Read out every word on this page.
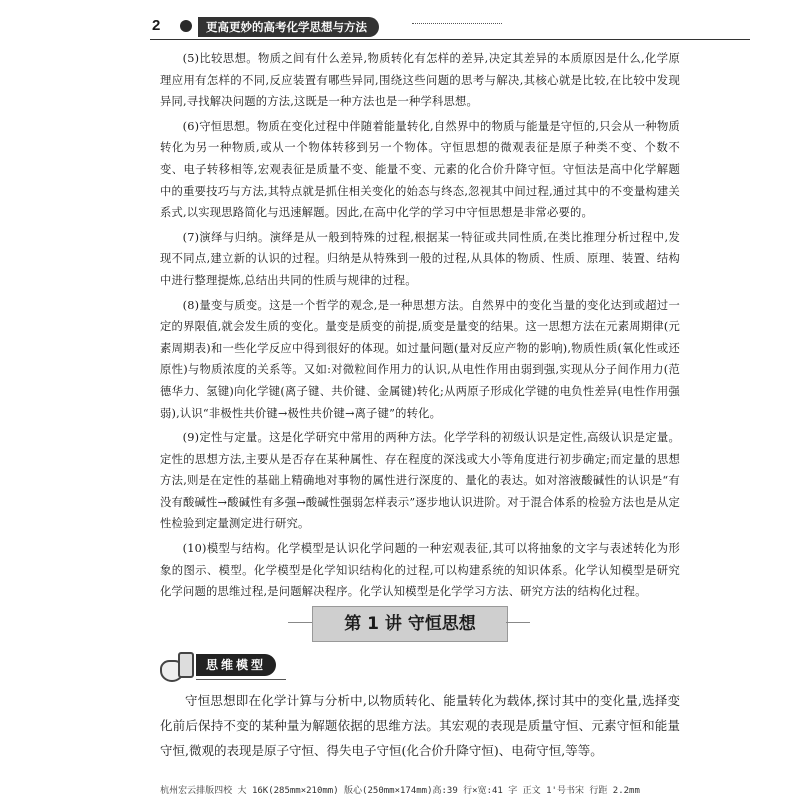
2	更高更妙的高考化学思想与方法

(5)比较思想。物质之间有什么差异,物质转化有怎样的差异,决定其差异的本质原因是什么,化学原理应用有怎样的不同,反应装置有哪些异同,围绕这些问题的思考与解决,其核心就是比较,在比较中发现异同,寻找解决问题的方法,这既是一种方法也是一种学科思想。

(6)守恒思想。物质在变化过程中伴随着能量转化,自然界中的物质与能量是守恒的,只会从一种物质转化为另一种物质,或从一个物体转移到另一个物体。守恒思想的微观表征是原子种类不变、个数不变、电子转移相等,宏观表征是质量不变、能量不变、元素的化合价升降守恒。守恒法是高中化学解题中的重要技巧与方法,其特点就是抓住相关变化的始态与终态,忽视其中间过程,通过其中的不变量构建关系式,以实现思路简化与迅速解题。因此,在高中化学的学习中守恒思想是非常必要的。

(7)演绎与归纳。演绎是从一般到特殊的过程,根据某一特征或共同性质,在类比推理分析过程中,发现不同点,建立新的认识的过程。归纳是从特殊到一般的过程,从具体的物质、性质、原理、装置、结构中进行整理提炼,总结出共同的性质与规律的过程。

(8)量变与质变。这是一个哲学的观念,是一种思想方法。自然界中的变化当量的变化达到或超过一定的界限值,就会发生质的变化。量变是质变的前提,质变是量变的结果。这一思想方法在元素周期律(元素周期表)和一些化学反应中得到很好的体现。如过量问题(量对反应产物的影响),物质性质(氧化性或还原性)与物质浓度的关系等。又如:对微粒间作用力的认识,从电性作用由弱到强,实现从分子间作用力(范德华力、氢键)向化学键(离子键、共价键、金属键)转化;从两原子形成化学键的电负性差异(电性作用强弱),认识“非极性共价键→极性共价键→离子键”的转化。

(9)定性与定量。这是化学研究中常用的两种方法。化学学科的初级认识是定性,高级认识是定量。定性的思想方法,主要从是否存在某种属性、存在程度的深浅或大小等角度进行初步确定;而定量的思想方法,则是在定性的基础上精确地对事物的属性进行深度的、量化的表达。如对溶液酸碱性的认识是“有没有酸碱性→酸碱性有多强→酸碱性强弱怎样表示”逐步地认识进阶。对于混合体系的检验方法也是从定性检验到定量测定进行研究。

(10)模型与结构。化学模型是认识化学问题的一种宏观表征,其可以将抽象的文字与表述转化为形象的图示、模型。化学模型是化学知识结构化的过程,可以构建系统的知识体系。化学认知模型是研究化学问题的思维过程,是问题解决程序。化学认知模型是化学学习方法、研究方法的结构化过程。

第 1 讲 守恒思想
思维模型
守恒思想即在化学计算与分析中,以物质转化、能量转化为载体,探讨其中的变化量,选择变化前后保持不变的某种量为解题依据的思维方法。其宏观的表现是质量守恒、元素守恒和能量守恒,微观的表现是原子守恒、得失电子守恒(化合价升降守恒)、电荷守恒,等等。
杭州宏云排版四校 大 16K(285mm×210mm) 版心(250mm×174mm)高:39 行×宽:41 字 正文 1'号书宋 行距 2.2mm
